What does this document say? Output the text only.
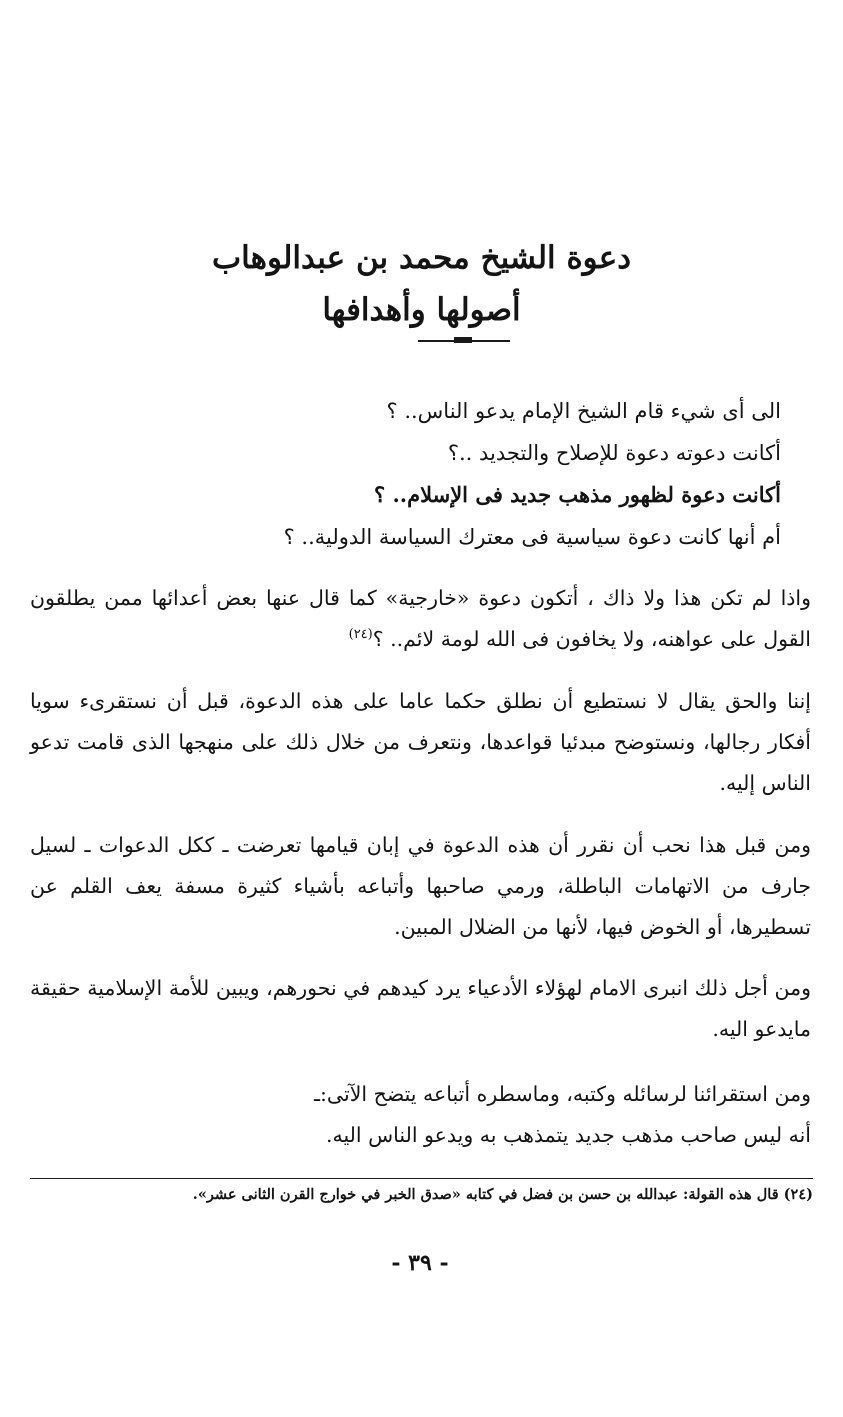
دعوة الشيخ محمد بن عبدالوهاب
أصولها وأهدافها
الى أى شيء قام الشيخ الإمام يدعو الناس.. ؟
أكانت دعوته دعوة للإصلاح والتجديد ..؟
أكانت دعوة لظهور مذهب جديد فى الإسلام.. ؟
أم أنها كانت دعوة سياسية فى معترك السياسة الدولية.. ؟

واذا لم تكن هذا ولا ذاك ، أتكون دعوة «خارجية» كما قال عنها بعض أعدائها ممن يطلقون القول على عواهنه، ولا يخافون فى الله لومة لائم.. ؟$^{(٢٤)}$

إننا والحق يقال لا نستطيع أن نطلق حكما عاما على هذه الدعوة، قبل أن نستقرىء سويا أفكار رجالها، ونستوضح مبدئيا قواعدها، ونتعرف من خلال ذلك على منهجها الذى قامت تدعو الناس إليه.

ومن قبل هذا نحب أن نقرر أن هذه الدعوة في إبان قيامها تعرضت ـ ككل الدعوات ـ لسيل جارف من الاتهامات الباطلة، ورمي صاحبها وأتباعه بأشياء كثيرة مسفة يعف القلم عن تسطيرها، أو الخوض فيها، لأنها من الضلال المبين.

ومن أجل ذلك انبرى الامام لهؤلاء الأدعياء يرد كيدهم في نحورهم، ويبين للأمة الإسلامية حقيقة مايدعو اليه.

ومن استقرائنا لرسائله وكتبه، وماسطره أتباعه يتضح الآتى:ـ
أنه ليس صاحب مذهب جديد يتمذهب به ويدعو الناس اليه.

(٢٤) قال هذه القولة: عبدالله بن حسن بن فضل في كتابه «صدق الخبر في خوارج القرن الثانى عشر».

- ٣٩ -
